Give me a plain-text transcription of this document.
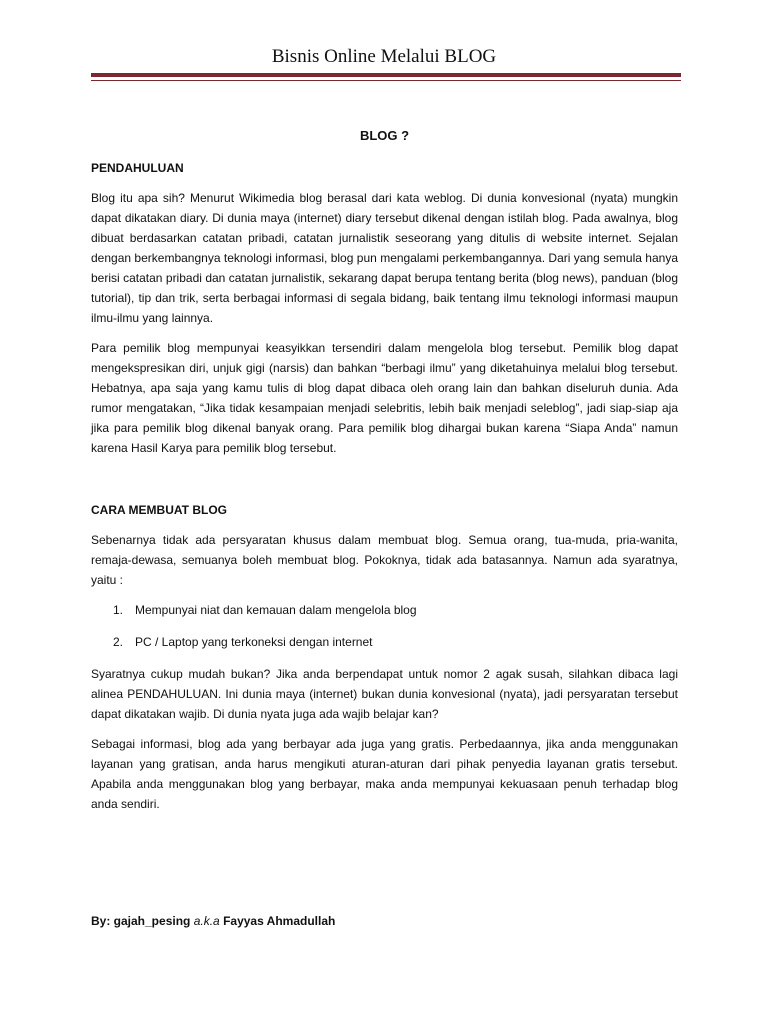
Bisnis Online Melalui BLOG
BLOG ?
PENDAHULUAN

Blog itu apa sih? Menurut Wikimedia blog berasal dari kata weblog. Di dunia konvesional (nyata) mungkin dapat dikatakan diary. Di dunia maya (internet) diary tersebut dikenal dengan istilah blog. Pada awalnya, blog dibuat berdasarkan catatan pribadi, catatan jurnalistik seseorang yang ditulis di website internet. Sejalan dengan berkembangnya teknologi informasi, blog pun mengalami perkembangannya. Dari yang semula hanya berisi catatan pribadi dan catatan jurnalistik, sekarang dapat berupa tentang berita (blog news), panduan (blog tutorial), tip dan trik, serta berbagai informasi di segala bidang, baik tentang ilmu teknologi informasi maupun ilmu-ilmu yang lainnya.

Para pemilik blog mempunyai keasyikkan tersendiri dalam mengelola blog tersebut. Pemilik blog dapat mengekspresikan diri, unjuk gigi (narsis) dan bahkan “berbagi ilmu” yang diketahuinya melalui blog tersebut. Hebatnya, apa saja yang kamu tulis di blog dapat dibaca oleh orang lain dan bahkan diseluruh dunia. Ada rumor mengatakan, “Jika tidak kesampaian menjadi selebritis, lebih baik menjadi seleblog”, jadi siap-siap aja jika para pemilik blog dikenal banyak orang. Para pemilik blog dihargai bukan karena “Siapa Anda” namun karena Hasil Karya para pemilik blog tersebut.

CARA MEMBUAT BLOG

Sebenarnya tidak ada persyaratan khusus dalam membuat blog. Semua orang, tua-muda, pria-wanita, remaja-dewasa, semuanya boleh membuat blog. Pokoknya, tidak ada batasannya. Namun ada syaratnya, yaitu :

1. Mempunyai niat dan kemauan dalam mengelola blog
2. PC / Laptop yang terkoneksi dengan internet

Syaratnya cukup mudah bukan? Jika anda berpendapat untuk nomor 2 agak susah, silahkan dibaca lagi alinea PENDAHULUAN. Ini dunia maya (internet) bukan dunia konvesional (nyata), jadi persyaratan tersebut dapat dikatakan wajib. Di dunia nyata juga ada wajib belajar kan?

Sebagai informasi, blog ada yang berbayar ada juga yang gratis. Perbedaannya, jika anda menggunakan layanan yang gratisan, anda harus mengikuti aturan-aturan dari pihak penyedia layanan gratis tersebut. Apabila anda menggunakan blog yang berbayar, maka anda mempunyai kekuasaan penuh terhadap blog anda sendiri.

By: gajah_pesing a.k.a Fayyas Ahmadullah
